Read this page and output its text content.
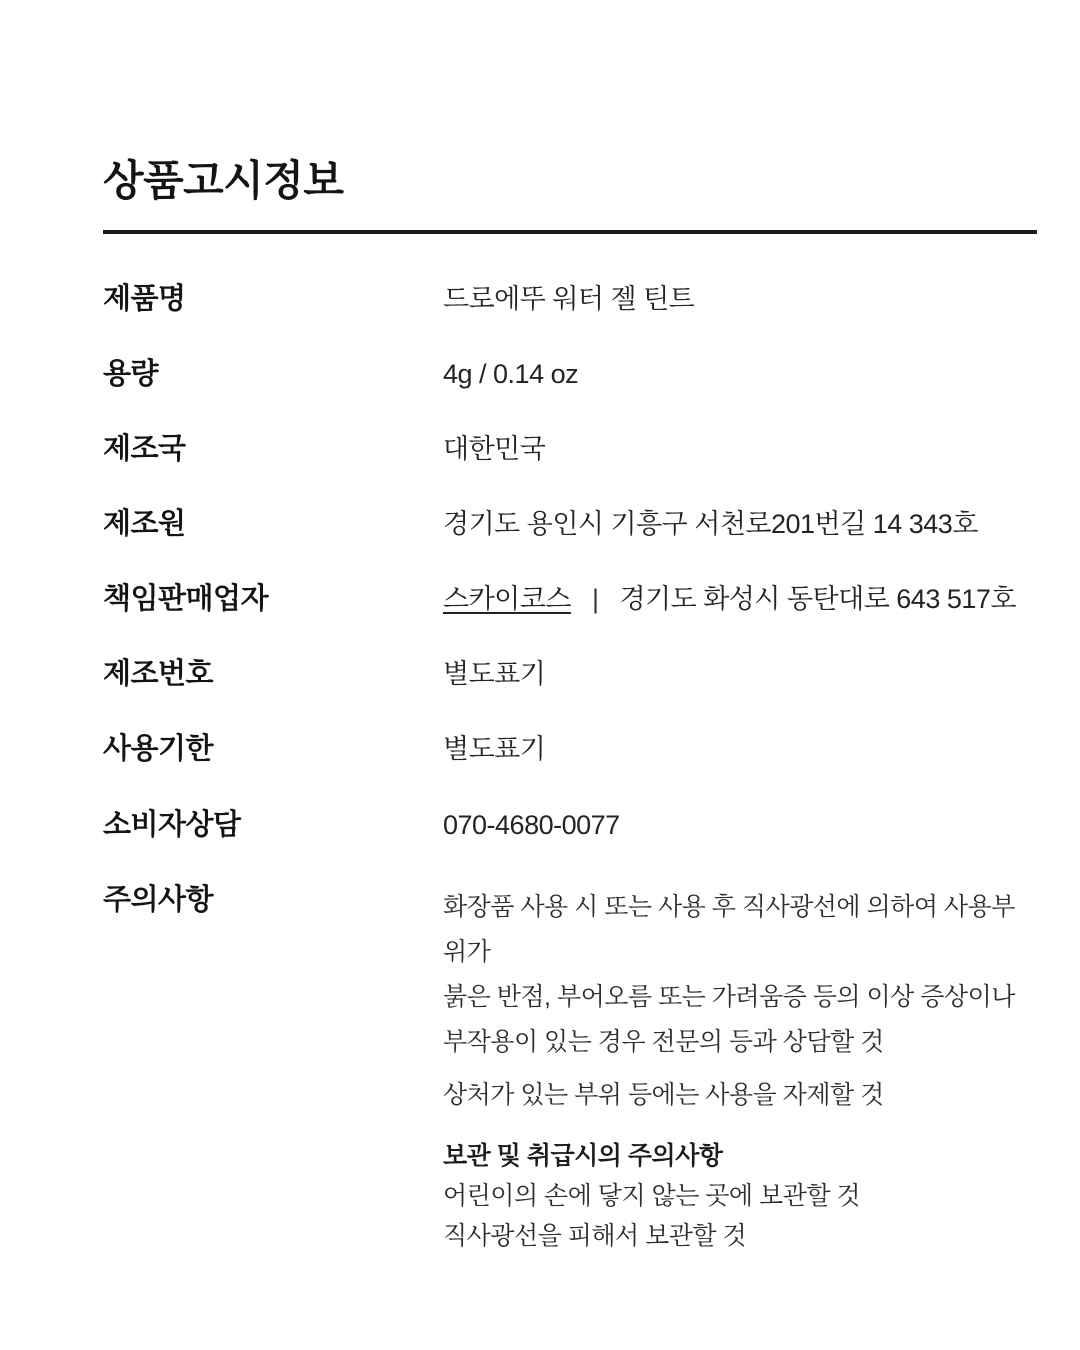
상품고시정보
제품명	드로에뚜 워터 젤 틴트
용량	4g / 0.14 oz
제조국	대한민국
제조원	경기도 용인시 기흥구 서천로201번길 14 343호
책임판매업자	스카이코스 | 경기도 화성시 동탄대로 643 517호
제조번호	별도표기
사용기한	별도표기
소비자상담	070-4680-0077
주의사항	화장품 사용 시 또는 사용 후 직사광선에 의하여 사용부위가
붉은 반점, 부어오름 또는 가려움증 등의 이상 증상이나
부작용이 있는 경우 전문의 등과 상담할 것

상처가 있는 부위 등에는 사용을 자제할 것

보관 및 취급시의 주의사항

어린이의 손에 닿지 않는 곳에 보관할 것
직사광선을 피해서 보관할 것
